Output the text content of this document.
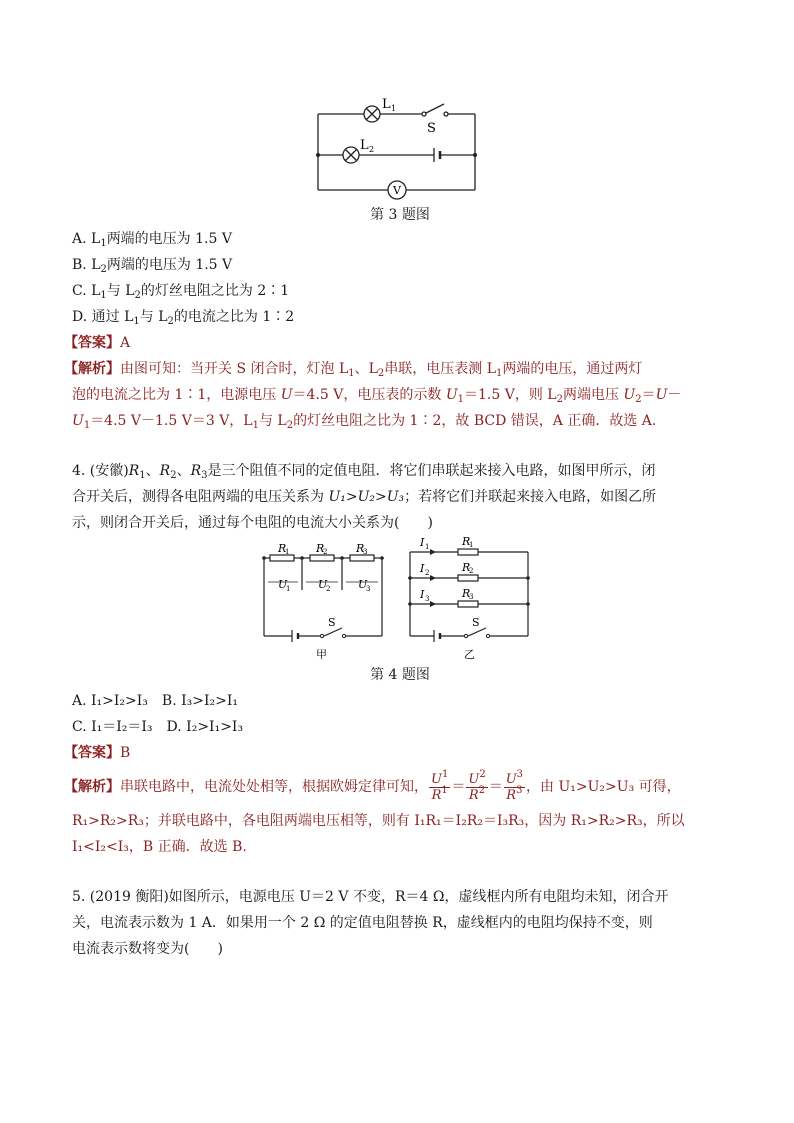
L 1
S
L 2
V
第 3 题图
A. $L_1$两端的电压为 1.5 V
B. $L_2$两端的电压为 1.5 V
C. $L_1$与 $L_2$的灯丝电阻之比为 2∶1
D. 通过 $L_1$与 $L_2$的电流之比为 1∶2
【答案】A
【解析】由图可知：当开关 S 闭合时，灯泡 $L_1$、$L_2$串联，电压表测 $L_1$两端的电压，通过两灯
泡的电流之比为 1∶1，电源电压 U＝4.5 V，电压表的示数 $U_1=1.5$ V，则 $L_2$两端电压 $U_2=U-$
$U_1=4.5$ V－1.5 V＝3 V，$L_1$与 $L_2$的灯丝电阻之比为 1∶2，故 BCD 错误，A 正确．故选 A.
4. (安徽)$R_1$、$R_2$、$R_3$是三个阻值不同的定值电阻．将它们串联起来接入电路，如图甲所示，闭
合开关后，测得各电阻两端的电压关系为 U₁>U₂>U₃；若将它们并联起来接入电路，如图乙所
示，则闭合开关后，通过每个电阻的电流大小关系为(　　)
R
1 R
2	R
3
U
1	U
2	U
3
S
甲
I 1
I 2
I 3
R
1
R
2
R
3
S
乙
第 4 题图
A. I₁>I₂>I₃　 B. I₃>I₂>I₁
C. I₁＝I₂＝I₃　 D. I₂>I₁>I₃
【答案】B
【解析】串联电路中，电流处处相等，根据欧姆定律可知， $\frac{U^1}{R^1} = \frac{U^2}{R^2} = \frac{U^3}{R^3}$ ，由 U₁>U₂>U₃ 可得，
R₁>R₂>R₃；并联电路中，各电阻两端电压相等，则有 I₁R₁＝I₂R₂＝I₃R₃，因为 R₁>R₂>R₃，所以
I₁<I₂<I₃，B 正确．故选 B.
5. (2019 衡阳)如图所示，电源电压 U＝2 V 不变，R＝4 Ω，虚线框内所有电阻均未知，闭合开
关，电流表示数为 1 A．如果用一个 2 Ω 的定值电阻替换 R，虚线框内的电阻均保持不变，则
电流表示数将变为(　　)
